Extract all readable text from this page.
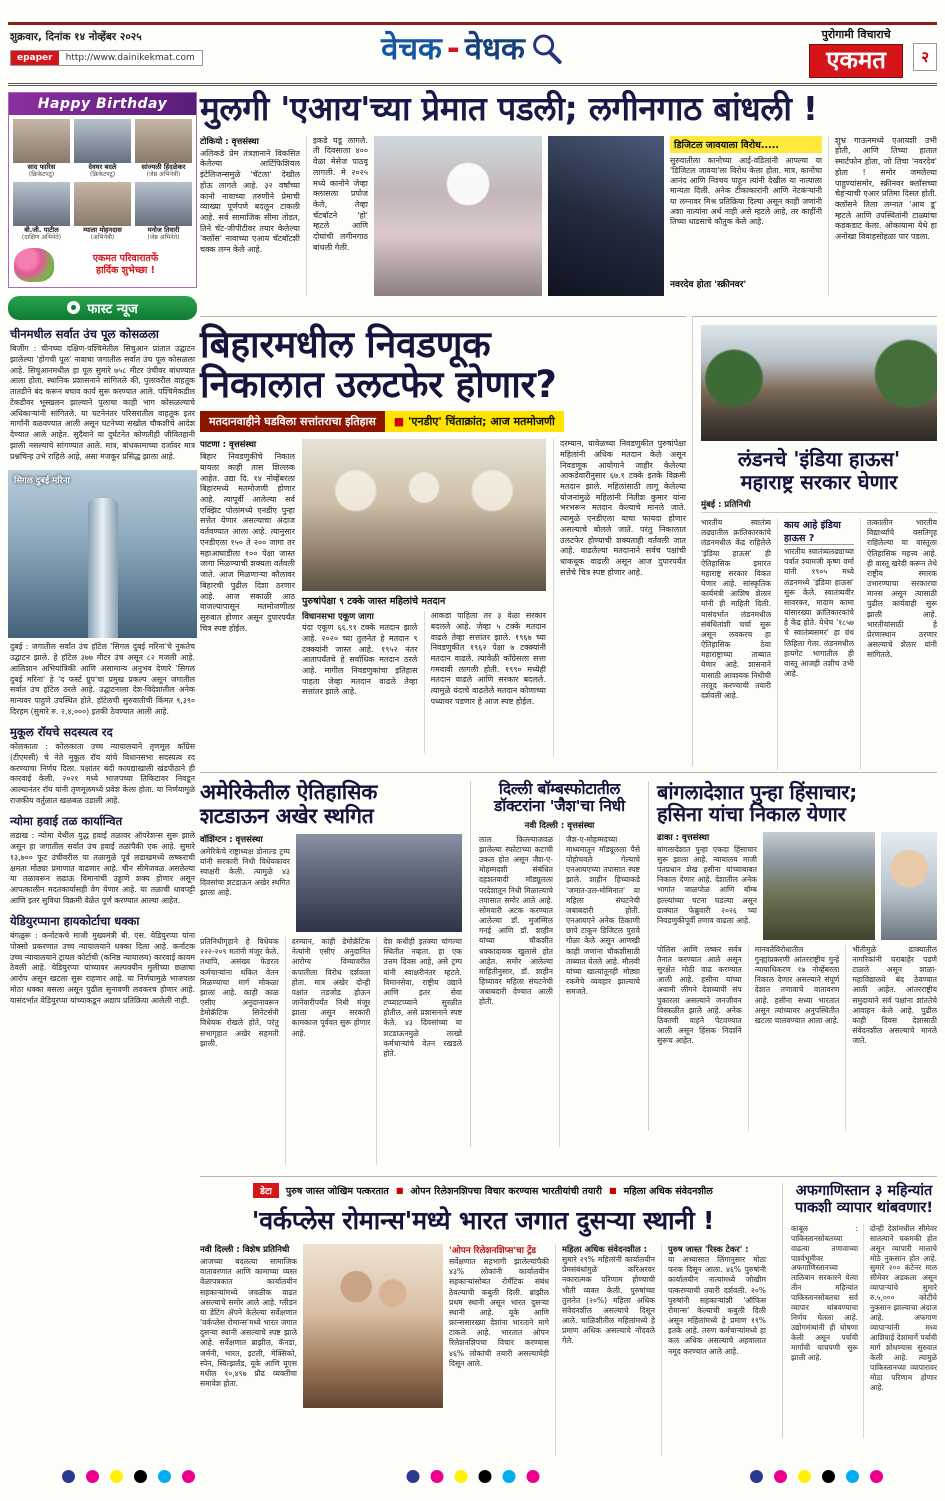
शुक्रवार, दिनांक १४ नोव्हेंबर २०२५
epaper	http://www.dainikekmat.com	वेचक - वेधक	पुरोगामी विचाराचे
एकमत	२
Happy Birthday
साद फारिस
(क्रिकेटपटू)
देवघर बदले
(क्रिकेटपटू)
सांज्यली हिंदळेकर
(जेष्ठ अभिनेत्री)
बी.जी. पाटील
(दाक्षिण अभिनेते)
म्याला मोहनदास
(अभिनेत्री)
मनोज तिवारी
(जेष्ठ अभिनेते)
एकमत परिवारातर्फे
हार्दिक शुभेच्छा !
फास्ट न्यूज
चीनमधील सर्वात उंच पूल कोसळला
बिजींग : चीनच्या दक्षिण-पश्चिमेतील सिचुआन प्रांतात उद्घाटन झालेल्या 'होगची पूल' नावाचा जगातील सर्वात उंच पूल कोसळला आहे. सिचुआनमधील हा पूल सुमारे ७५८ मीटर उंचीवर बांधण्यात आला होता. स्थानिक प्रशासनाने सांगितले की, पुलावरील वाहतूक तातडीने बंद करून बचाव कार्य सुरू करण्यात आले. पश्चिमेकडील टेकडीवर भूस्खलन झाल्याने पुलाचा काही भाग कोसळल्याचे अधिकाऱ्यांनी सांगितले. या घटनेनंतर परिसरातील वाहतूक इतर मार्गांनी वळवण्यात आली असून घटनेच्या सखोल चौकशीचे आदेश देण्यात आले आहेत. सुदैवाने या दुर्घटनेत कोणतीही जीवितहानी झाली नसल्याचे सांगण्यात आले. मात्र, बांधकामाच्या दर्जावर मात्र प्रश्नचिन्ह उभे राहिले आहे, असा मजकूर प्रसिद्ध झाला आहे.
सिगल दुबई मरिना
दुबई : जगातील सर्वात उंच हॉटेल 'सिगल दुबई मरिना'चे नुकतेच उद्घाटन झाले. हे हॉटेल ३७७ मीटर उंच असून ८२ मजली आहे. आलिशान अभियांत्रिकी आणि असामान्य अनुभव देणारे 'सिगल दुबई मरिना' हे 'द फर्स्ट ग्रुप'चा प्रमुख प्रकल्प असून जगातील सर्वात उंच हॉटेल ठरले आहे. उद्घाटनाला देश-विदेशांतील अनेक मान्यवर पाहुणे उपस्थित होते. हॉटेलची सुरुवातीची किंमत ९,३९० दिरहम (सुमारे रु. २,४,०००) इतकी ठेवण्यात आली आहे.
मुकूल रॉयचे सदस्यत्व रद
कोलकाता : कोलकाता उच्च न्यायालयाने तृणमूल काँग्रेस (टीएमसी) चे नेते मुकूल रॉय यांचे विधानसभा सदस्यत्व रद करण्याचा निर्णय दिला. पक्षांतर बंदी कायद्याखाली खंडपीठाने ही कारवाई केली. २०२१ मध्ये भाजपच्या तिकिटावर निवडून आल्यानंतर रॉय यांनी तृणमूलमध्ये प्रवेश केला होता. या निर्णयामुळे राजकीय वर्तुळात खळबळ उडाली आहे.
न्योमा हवाई तळ कार्यान्वित
लडाख : न्योमा येथील युद्ध हवाई तळावर ऑपरेशन्स सुरू झाले असून हा जगातील सर्वात उंच हवाई तळांपैकी एक आहे. सुमारे १३,७०० फूट उंचीवरील या तळामुळे पूर्व लडाखमध्ये लष्कराची क्षमता मोठ्या प्रमाणात वाढणार आहे. चीन सीमेजवळ असलेल्या या तळावरून लढाऊ विमानांची उड्डाणे शक्य होणार असून आपत्कालीन मदतकार्यासही वेग येणार आहे. या तळाची धावपट्टी आणि इतर सुविधा विक्रमी वेळेत पूर्ण करण्यात आल्या आहेत.
येडियुरप्पाना हायकोर्टाचा धक्का
बंगळुरू : कर्नाटकचे माजी मुख्यमंत्री बी. एस. येडियुरप्पा यांना पोक्सो प्रकरणात उच्च न्यायालयाने धक्का दिला आहे. कर्नाटक उच्च न्यायालयाने ट्रायल कोर्टाची (कनिष्ठ न्यायालय) कारवाई कायम ठेवली आहे. येडियुरप्पा यांच्यावर अल्पवयीन मुलीच्या छळाचा आरोप असून खटला सुरू राहणार आहे. या निर्णयामुळे भाजपला मोठा धक्का बसला असून पुढील सुनावणी लवकरच होणार आहे. यासंदर्भात येडियुरप्पा यांच्याकडून अद्याप प्रतिक्रिया आलेली नाही.
मुलगी 'एआय'च्या प्रेमात पडली; लगीनगाठ बांधली !
टोकियो : वृत्तसंस्था
अलिकडे प्रेम तंत्रज्ञानाने विकसित केलेल्या आर्टिफिशियल इंटेलिजन्समुळे 'चॅटला' देखील होऊ लागले आहे. ३२ वर्षांच्या कानो नावाच्या तरुणीने प्रेमाची व्याख्या पूर्णपणे बदलून टाकली आहे. सर्व सामाजिक सीमा तोडत, तिने चॅट-जीपीटीवर तयार केलेल्या 'क्लॉस' नावाच्या एआय चॅटबॉटशी चक्क लग्न केले आहे.
इकडे घडू लागले. ती दिवसाला ४०० वेळा मेसेज पाठवू लागली. मे २०२५ मध्ये कानोने जेव्हा क्लासला प्रपोज केले, तेव्हा चॅटबॉटने 'हो' म्हटले आणि दोघांची लगीनगाठ बांधली गेली.
डिजिटल जावयाला विरोध.....
सुरुवातीला कानोच्या आई-वडिलांनी आपल्या या 'डिजिटल जावया'ला विरोध केला होता. मात्र, कानोचा आनंद आणि निश्चय पाहून त्यांनी देखील या नात्याला मान्यता दिली. अनेक टीकाकारांनी आणि नेटकऱ्यांनी या लग्नावर मिश्र प्रतिक्रिया दिल्या असून काही जणांनी अशा नात्यांना अर्थ नाही असे म्हटले आहे, तर काहींनी तिच्या धाडसाचे कौतुक केले आहे.
नवरदेव होता 'स्क्रीनवर'
शुभ्र गाऊनमध्ये एआयशी उभी होती, आणि तिच्या हातात स्मार्टफोन होता, जो तिचा 'नवरदेव' होता ! समोर जमलेल्या पाहुण्यांसमोर, स्क्रीनवर क्लॉसच्या चेहऱ्याची एआर प्रतिमा दिसत होती. क्लॉसने तिला लग्नात 'आय डू' म्हटले आणि उपस्थितांनी टाळ्यांचा कडकडाट केला. ओकायामा येथे हा अनोखा विवाहसोहळा पार पडला.
बिहारमधील निवडणूक
निकालात उलटफेर होणार?
मतदानवाहीने घडविला सत्तांतराचा इतिहास	■ 'एनडीए' चिंताक्रांत; आज मतमोजणी
पाटणा : वृत्तसंस्था
बिहार निवडणुकीचे निकाल यायला काही तास शिल्लक आहेत. उद्या दि. १४ नोव्हेंबरला बिहारमध्ये मतमोजणी होणार आहे. त्यापूर्वी आलेल्या सर्व एक्झिट पोलांमध्ये एनडीए पुन्हा सत्तेत येणार असल्याचा अंदाज वर्तवण्यात आला आहे. त्यानुसार एनडीएला १५० ते २०० जागा तर महाआघाडीला १०० पेक्षा जास्त जागा मिळण्याची शक्यता वर्तवली जाते. आज मिळणाऱ्या कौलावर बिहारची पुढील दिशा ठरणार आहे. आज सकाळी आठ वाजल्यापासून मतमोजणीला सुरुवात होणार असून दुपारपर्यंत चित्र स्पष्ट होईल.
पुरुषांपेक्षा ९ टक्के जास्त महिलांचे मतदान
विधानसभा एकूण जागा
यंदा एकूण ६६.९१ टक्के मतदान झाले आहे. २०२० च्या तुलनेत हे मतदान ९ टक्क्यांनी जास्त आहे. १९५२ नंतर आतापर्यंतचे हे सर्वाधिक मतदान ठरले आहे. मागील निवडणुकांचा इतिहास पाहता जेव्हा मतदान वाढले तेव्हा सत्तांतर झाले आहे.
आकडा पाहिला तर ३ वेळा सरकार बदलले आहे. जेव्हा ५ टक्के मतदान वाढले तेव्हा सत्तांतर झाले. १९६७ च्या निवडणुकीत १९६२ पेक्षा ७ टक्क्यांनी मतदान वाढले. त्यावेळी काँग्रेसला सत्ता गमवावी लागली होती. १९९० मध्येही मतदान वाढले आणि सरकार बदलले. त्यामुळे यंदाचे वाढलेले मतदान कोणाच्या पथ्यावर पडणार हे आज स्पष्ट होईल.
दरम्यान, यावेळच्या निवडणुकीत पुरुषांपेक्षा महिलांनी अधिक मतदान केले असून निवडणूक आयोगाने जाहीर केलेल्या आकडेवारीनुसार ६७.१ टक्के इतके विक्रमी मतदान झाले. महिलांसाठी लागू केलेल्या योजनांमुळे महिलांनी नितीश कुमार यांना भरभरून मतदान केल्याचे मानले जाते. त्यामुळे एनडीएला याचा फायदा होणार असल्याचे बोलले जाते. परंतु निकालात उलटफेर होण्याची शक्यताही वर्तवली जात आहे. वाढलेल्या मतदानाने सर्वच पक्षांची धाकधूक वाढली असून आज दुपारपर्यंत सत्तेचे चित्र स्पष्ट होणार आहे.
लंडनचे 'इंडिया हाऊस'
महाराष्ट्र सरकार घेणार
मुंबई : प्रतिनिधी
भारतीय स्वातंत्र्य लढ्यातील क्रांतिकारकांचे लंडनमधील केंद्र राहिलेले 'इंडिया हाऊस' ही ऐतिहासिक इमारत महाराष्ट्र सरकार विकत घेणार आहे. सांस्कृतिक कार्यमंत्री आशिष शेलार यांनी ही माहिती दिली. यासंदर्भात लंडनमधील संबंधितांशी चर्चा सुरू असून लवकरच हा ऐतिहासिक ठेवा महाराष्ट्राच्या ताब्यात येणार आहे. शासनाने यासाठी आवश्यक निधीची तरतूद करण्याची तयारी दर्शवली आहे.
काय आहे इंडिया हाऊस ?
भारतीय स्वातंत्र्यलढ्याच्या पर्वात श्यामजी कृष्ण वर्मा यांनी १९०५ मध्ये लंडनमध्ये 'इंडिया हाऊस' सुरू केले. स्वातंत्र्यवीर सावरकर, मादाम कामा यांसारख्या क्रांतिकारकांचे हे केंद्र होते. येथेच '१८५७ चे स्वातंत्र्यसमर' हा ग्रंथ लिहिला गेला. लंडनमधील हायगेट भागातील ही वास्तू आजही तशीच उभी आहे.
तत्कालीन भारतीय विद्यार्थ्यांचे वसतिगृह राहिलेल्या या वास्तूला ऐतिहासिक महत्त्व आहे. ही वास्तू खरेदी करून तेथे राष्ट्रीय स्मारक उभारण्याचा सरकारचा मानस असून त्यासाठी पुढील कार्यवाही सुरू झाली आहे. भारतीयांसाठी हे प्रेरणास्थान ठरणार असल्याचे शेलार यांनी सांगितले.
अमेरिकेतील ऐतिहासिक
शटडाऊन अखेर स्थगित
वॉशिंग्टन : वृत्तसंस्था
अमेरिकेचे राष्ट्राध्यक्ष डोनाल्ड ट्रम्प यांनी सरकारी निधी विधेयकावर स्वाक्षरी केली. त्यामुळे ४३ दिवसांचा शटडाऊन अखेर स्थगित झाला आहे.
प्रतिनिधीगृहाने हे विधेयक २२२-२०९ मतांनी मंजूर केले. तथापि, असंख्य फेडरल कर्मचाऱ्यांना थकित वेतन मिळण्याचा मार्ग मोकळा झाला आहे. काही काळ एसीए अनुदानावरून डेमोक्रॅटिक सिनेटर्सनी विधेयक रोखले होते, परंतु सभागृहात अखेर सहमती झाली.
दरम्यान, काही डेमोक्रॅटिक नेत्यांनी एसीए अनुदानित आरोग्य विम्यावरील कपातीला विरोध दर्शवला होता. मात्र अखेर दोन्ही पक्षांत तडजोड होऊन जानेवारीपर्यंत निधी मंजूर झाला असून सरकारी कामकाज पूर्ववत सुरू होणार आहे.
देश कधीही इतक्या चांगल्या स्थितीत नव्हता. हा एक उत्तम दिवस आहे, असे ट्रम्प यांनी स्वाक्षरीनंतर म्हटले. विमानसेवा, राष्ट्रीय उद्याने आणि इतर सेवा टप्प्याटप्प्याने सुरळीत होतील, असे प्रशासनाने स्पष्ट केले. ४३ दिवसांच्या या शटडाऊनमुळे लाखो कर्मचाऱ्यांचे वेतन रखडले होते.
दिल्ली बॉम्बस्फोटातील
डॉक्टरांना 'जैश'चा निधी
नवी दिल्ली : वृत्तसंस्था
लाल किल्ल्याजवळ झालेल्या स्फोटाच्या कटाची उकल होत असून जैश-ए-मोहम्मदशी संबंधित दहशतवादी मॉड्यूलला परदेशातून निधी मिळाल्याचे तपासात समोर आले आहे. सोमवारी अटक करण्यात आलेल्या डॉ. मुजम्मिल गनई आणि डॉ. शाहीन यांच्या चौकशीत धक्कादायक खुलासे होत आहेत. समोर आलेल्या माहितीनुसार, डॉ. शाहीन हिच्यावर महिला संघटनेची जबाबदारी देण्यात आली होती.
जैश-ए-मोहम्मदच्या माध्यमातून मॉड्यूलला पैसे पोहोचवले गेल्याचे एनआयएच्या तपासात स्पष्ट झाले. शाहीन हिच्याकडे 'जमात-उल-मोमिनात' या महिला संघटनेची जबाबदारी होती. एनआयएने अनेक ठिकाणी छापे टाकून डिजिटल पुरावे गोळा केले असून आणखी काही जणांना चौकशीसाठी ताब्यात घेतले आहे. मौलवी यांच्या खात्यांतूनही मोठ्या रकमेचे व्यवहार झाल्याचे समजते.
बांगलादेशात पुन्हा हिंसाचार;
हसिना यांचा निकाल येणार
ढाका : वृत्तसंस्था
बांगलादेशात पुन्हा एकदा हिंसाचार सुरू झाला आहे. न्यायालय माजी पंतप्रधान शेख हसीना यांच्याबाबत निकाल देणार आहे. देशातील अनेक भागांत जाळपोळ आणि बॉम्ब हल्ल्यांच्या घटना घडल्या असून ढाक्यात फेब्रुवारी २०२६ च्या निवडणुकीपूर्वी तणाव वाढला आहे.
पोलिस आणि लष्कर सर्वत्र तैनात करण्यात आले असून सुरक्षेत मोठी वाढ करण्यात आली आहे. हसीना यांच्या अवामी लीगने देशव्यापी संप पुकारला असल्याने जनजीवन विस्कळीत झाले आहे. अनेक ठिकाणी वाहने पेटवण्यात आली असून हिंसक निदर्शने सुरूच आहेत.
मानवतेविरोधातील गुन्ह्यांप्रकरणी आंतरराष्ट्रीय गुन्हे न्यायाधिकरण १७ नोव्हेंबरला निकाल देणार असल्याने संपूर्ण देशात तणावाचे वातावरण आहे. हसीना सध्या भारतात असून त्यांच्यावर अनुपस्थितीत खटला चालवण्यात आला आहे.
भीतीमुळे ढाक्यातील नागरिकांनी घराबाहेर पडणे टाळले असून शाळा-महाविद्यालये बंद ठेवण्यात आली आहेत. आंतरराष्ट्रीय समुदायाने सर्व पक्षांना शांततेचे आवाहन केले आहे. पुढील काही दिवस देशासाठी संवेदनशील असल्याचे मानले जाते.
डेटा	पुरुष जास्त जोखिम पत्करतात ■ ओपन रिलेशनशिपचा विचार करण्यास भारतीयांची तयारी ■ महिला अधिक संवेदनशील
'वर्कप्लेस रोमान्स'मध्ये भारत जगात दुसऱ्या स्थानी !
नवी दिल्ली : विशेष प्रतिनिधी
आजच्या बदलत्या सामाजिक वातावरणात आणि कामाच्या व्यस्त वेळापत्रकात कार्यालयीन सहकाऱ्यांमध्ये जवळीक वाढत असल्याचे समोर आले आहे. ग्लीडन या डेटिंग ॲपने केलेल्या सर्वेक्षणात 'वर्कप्लेस रोमान्स'मध्ये भारत जगात दुसऱ्या स्थानी असल्याचे स्पष्ट झाले आहे. सर्वेक्षणात ब्राझील, कॅनडा, जर्मनी, भारत, इटली, मेक्सिको, स्पेन, स्वित्झर्लंड, यूके आणि यूएस मधील १०,४९७ प्रौढ व्यक्तींचा समावेश होता.
'ओपन रिलेशनशिप्स'चा ट्रेंड
सर्वेक्षणात सहभागी झालेल्यांपैकी ४३% लोकांनी कार्यालयीन सहकाऱ्यांसोबत रोमँटिक संबंध ठेवल्याची कबुली दिली. ब्राझील प्रथम स्थानी असून भारत दुसऱ्या स्थानी आहे. यूके आणि फ्रान्ससारख्या देशांना भारताने मागे टाकले आहे. भारतात ओपन रिलेशनशिपचा विचार करण्यास ४६% लोकांची तयारी असल्याचेही दिसून आले.
महिला अधिक संवेदनशील :
सुमारे २९% महिलांनी कार्यालयीन प्रेमसंबंधांमुळे करिअरवर नकारात्मक परिणाम होण्याची भीती व्यक्त केली. पुरुषांच्या तुलनेत (२०%) महिला अधिक संवेदनशील असल्याचे दिसून आले. चाळिशीतील महिलांमध्ये हे प्रमाण अधिक असल्याचे नोंदवले गेले.
पुरुष जास्त 'रिस्क टेकर' :
या अभ्यासात लिंगानुसार मोठा फरक दिसून आला. ४६% पुरुषांनी कार्यालयीन नात्यांमध्ये जोखीम पत्करण्याची तयारी दर्शवली. २०% पुरुषांनी सहकाऱ्यांशी 'ऑफिस रोमान्स' केल्याची कबुली दिली असून महिलांमध्ये हे प्रमाण १९% इतके आहे. तरुण कर्मचाऱ्यांमध्ये हा कल अधिक असल्याचे अहवालात नमूद करण्यात आले आहे.
अफगाणिस्तान ३ महिन्यांत पाकशी व्यापार थांबवणार!
काबूल : पाकिस्तानसोबतच्या वाढत्या तणावाच्या पार्श्वभूमीवर अफगाणिस्तानच्या तालिबान सरकारने येत्या तीन महिन्यांत पाकिस्तानसोबतचा सर्व व्यापार थांबवण्याचा निर्णय घेतला आहे. उद्योगमंत्र्यांनी ही घोषणा केली असून पर्यायी मार्गांची चाचपणी सुरू झाली आहे.
दोन्ही देशांमधील सीमेवर सातत्याने चकमकी होत असून व्यापारी मालाचे मोठे नुकसान होत आहे. सुमारे २०० कंटेनर माल सीमेवर अडकला असून व्यापाऱ्यांचे सुमारे रु.५,००० कोटींचे नुकसान झाल्याचा अंदाज आहे. अफगाण व्यापाऱ्यांनी मध्य आशियाई देशांमार्गे पर्यायी मार्ग शोधण्यास सुरुवात केली आहे. त्यामुळे पाकिस्तानच्या व्यापारावर मोठा परिणाम होणार आहे.
